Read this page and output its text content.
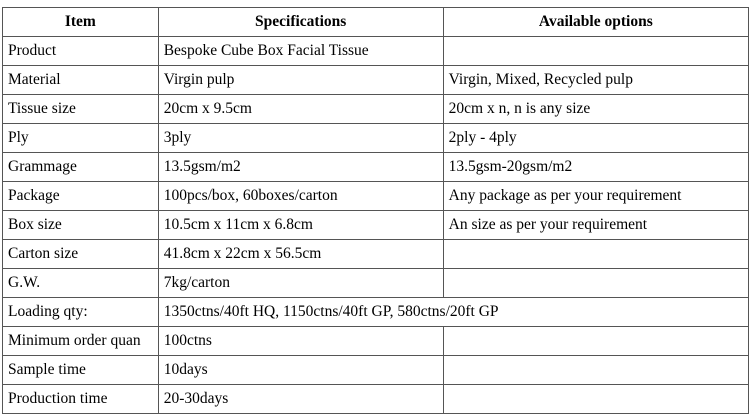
Item	Specifications	Available options
Product	Bespoke Cube Box Facial Tissue	
Material	Virgin pulp	Virgin, Mixed, Recycled pulp
Tissue size	20cm x 9.5cm	20cm x n, n is any size
Ply	3ply	2ply - 4ply
Grammage	13.5gsm/m2	13.5gsm-20gsm/m2
Package	100pcs/box, 60boxes/carton	Any package as per your requirement
Box size	10.5cm x 11cm x 6.8cm	An size as per your requirement
Carton size	41.8cm x 22cm x 56.5cm	
G.W.	7kg/carton	
Loading qty:	1350ctns/40ft HQ, 1150ctns/40ft GP, 580ctns/20ft GP	
Minimum order quan	100ctns	
Sample time	10days	
Production time	20-30days	
